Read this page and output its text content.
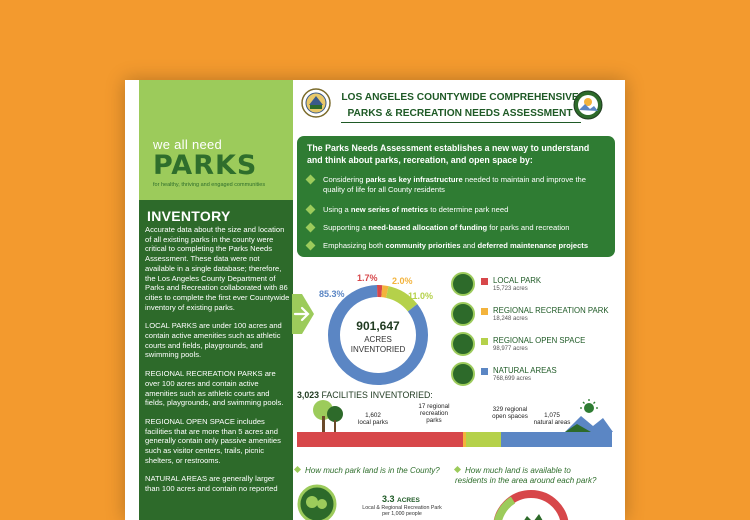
we all need
PARKS
for healthy, thriving and engaged communities
INVENTORY

Accurate data about the size and location of all existing parks in the county were critical to completing the Parks Needs Assessment. These data were not available in a single database; therefore, the Los Angeles County Department of Parks and Recreation collaborated with 86 cities to complete the first ever Countywide inventory of existing parks.

LOCAL PARKS are under 100 acres and contain active amenities such as athletic courts and fields, playgrounds, and swimming pools.

REGIONAL RECREATION PARKS are over 100 acres and contain active amenities such as athletic courts and fields, playgrounds, and swimming pools.

REGIONAL OPEN SPACE includes facilities that are more than 5 acres and generally contain only passive amenities such as visitor centers, trails, picnic shelters, or restrooms.

NATURAL AREAS are generally larger than 100 acres and contain no reported

LOS ANGELES COUNTYWIDE COMPREHENSIVE
PARKS & RECREATION NEEDS ASSESSMENT
The Parks Needs Assessment establishes a new way to understand and think about parks, recreation, and open space by:
Considering parks as key infrastructure needed to maintain and improve the quality of life for all County residents
Using a new series of metrics to determine park need
Supporting a need-based allocation of funding for parks and recreation
Emphasizing both community priorities and deferred maintenance projects
901,647
ACRES
INVENTORIED
1.7% 2.0%
11.0%
85.3%
LOCAL PARK
15,723 acres
REGIONAL RECREATION PARK
18,248 acres
REGIONAL OPEN SPACE
98,977 acres
NATURAL AREAS
768,699 acres
3,023 FACILITIES INVENTORIED:
1,602
local parks
17 regional
recreation
parks
329 regional
open spaces	1,075
natural areas
How much park land is in the County?	How much land is available to
residents in the area around each park?
3.3 ACRES
Local & Regional Recreation Park
per 1,000 people
